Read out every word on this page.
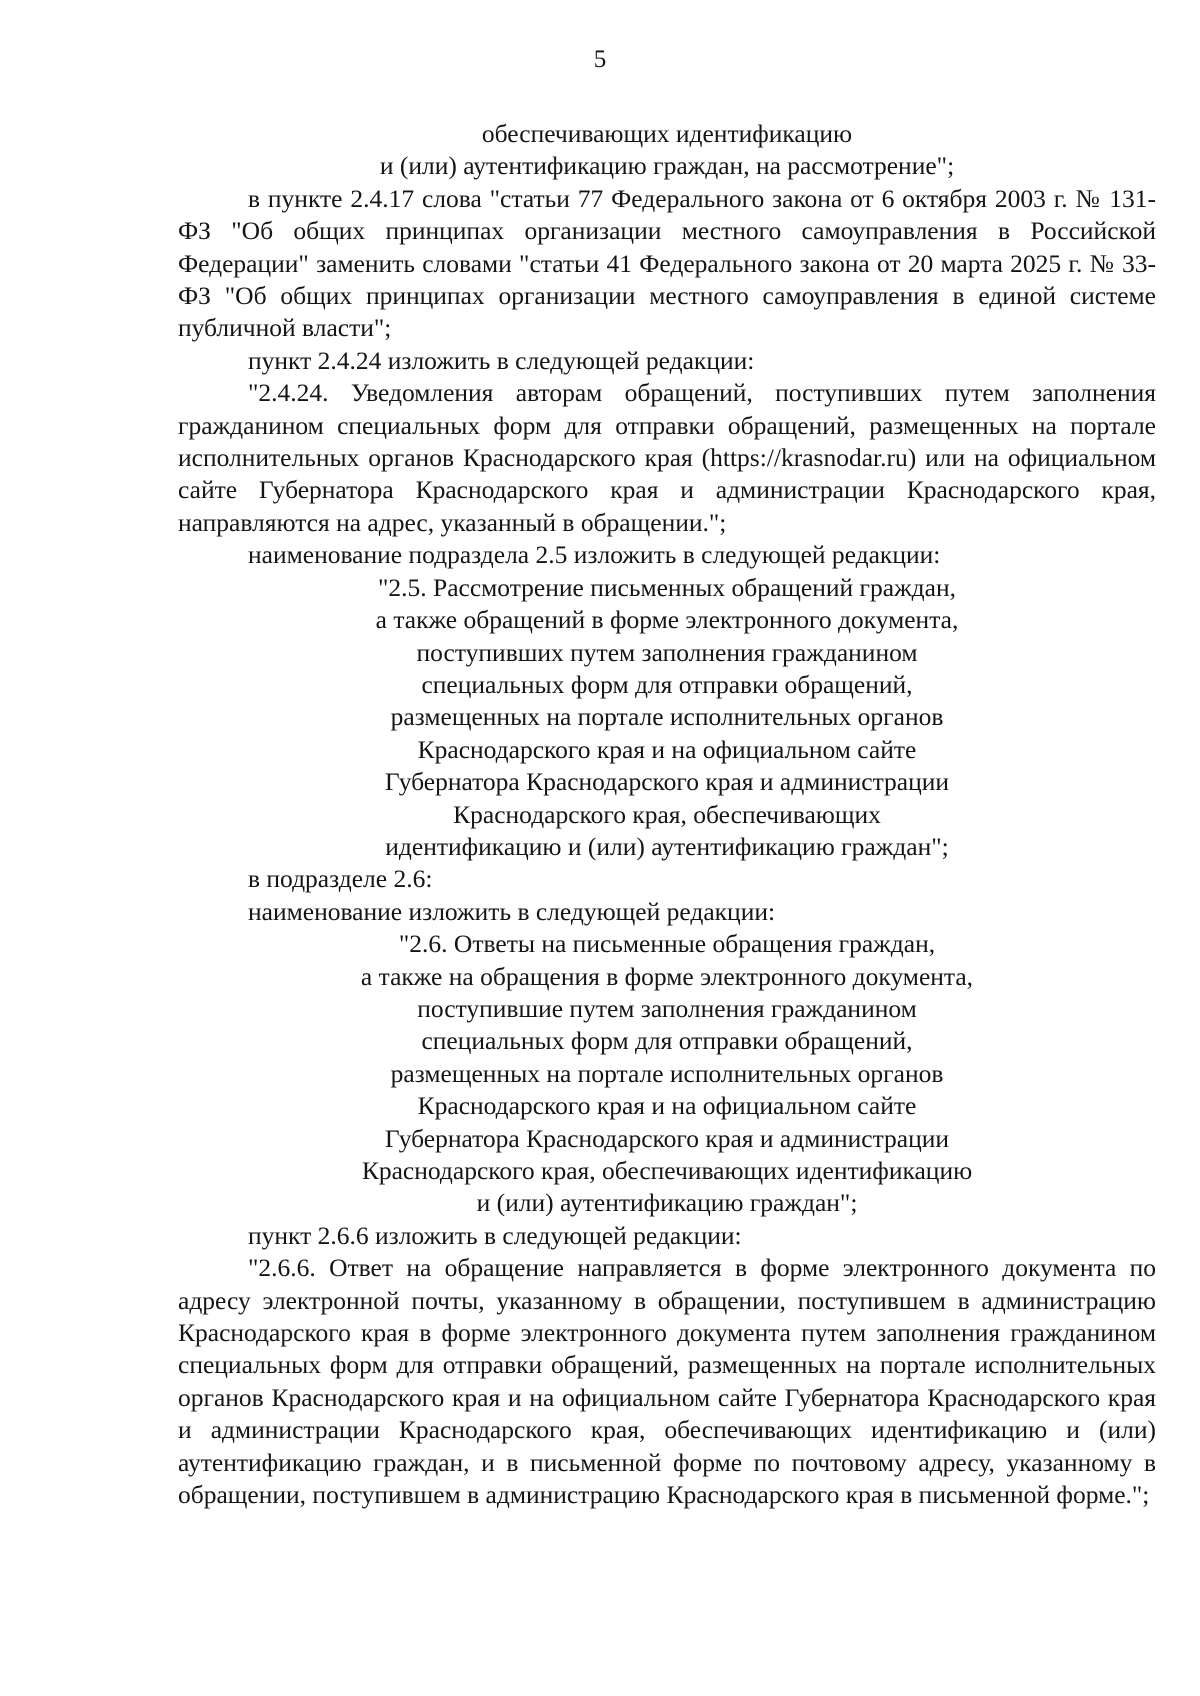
5

обеспечивающих идентификацию

и (или) аутентификацию граждан, на рассмотрение";

в пункте 2.4.17 слова "статьи 77 Федерального закона от 6 октября 2003 г. № 131-ФЗ "Об общих принципах организации местного самоуправления в Российской Федерации" заменить словами "статьи 41 Федерального закона от 20 марта 2025 г. № 33-ФЗ "Об общих принципах организации местного самоуправления в единой системе публичной власти";

пункт 2.4.24 изложить в следующей редакции:

"2.4.24. Уведомления авторам обращений, поступивших путем заполнения гражданином специальных форм для отправки обращений, размещенных на портале исполнительных органов Краснодарского края (https://krasnodar.ru) или на официальном сайте Губернатора Краснодарского края и администрации Краснодарского края, направляются на адрес, указанный в обращении.";

наименование подраздела 2.5 изложить в следующей редакции:

"2.5. Рассмотрение письменных обращений граждан,

а также обращений в форме электронного документа,

поступивших путем заполнения гражданином

специальных форм для отправки обращений,

размещенных на портале исполнительных органов

Краснодарского края и на официальном сайте

Губернатора Краснодарского края и администрации

Краснодарского края, обеспечивающих

идентификацию и (или) аутентификацию граждан";

в подразделе 2.6:

наименование изложить в следующей редакции:

"2.6. Ответы на письменные обращения граждан,

а также на обращения в форме электронного документа,

поступившие путем заполнения гражданином

специальных форм для отправки обращений,

размещенных на портале исполнительных органов

Краснодарского края и на официальном сайте

Губернатора Краснодарского края и администрации

Краснодарского края, обеспечивающих идентификацию

и (или) аутентификацию граждан";

пункт 2.6.6 изложить в следующей редакции:

"2.6.6. Ответ на обращение направляется в форме электронного документа по адресу электронной почты, указанному в обращении, поступившем в администрацию Краснодарского края в форме электронного документа путем заполнения гражданином специальных форм для отправки обращений, размещенных на портале исполнительных органов Краснодарского края и на официальном сайте Губернатора Краснодарского края и администрации Краснодарского края, обеспечивающих идентификацию и (или) аутентификацию граждан, и в письменной форме по почтовому адресу, указанному в обращении, поступившем в администрацию Краснодарского края в письменной форме.";
